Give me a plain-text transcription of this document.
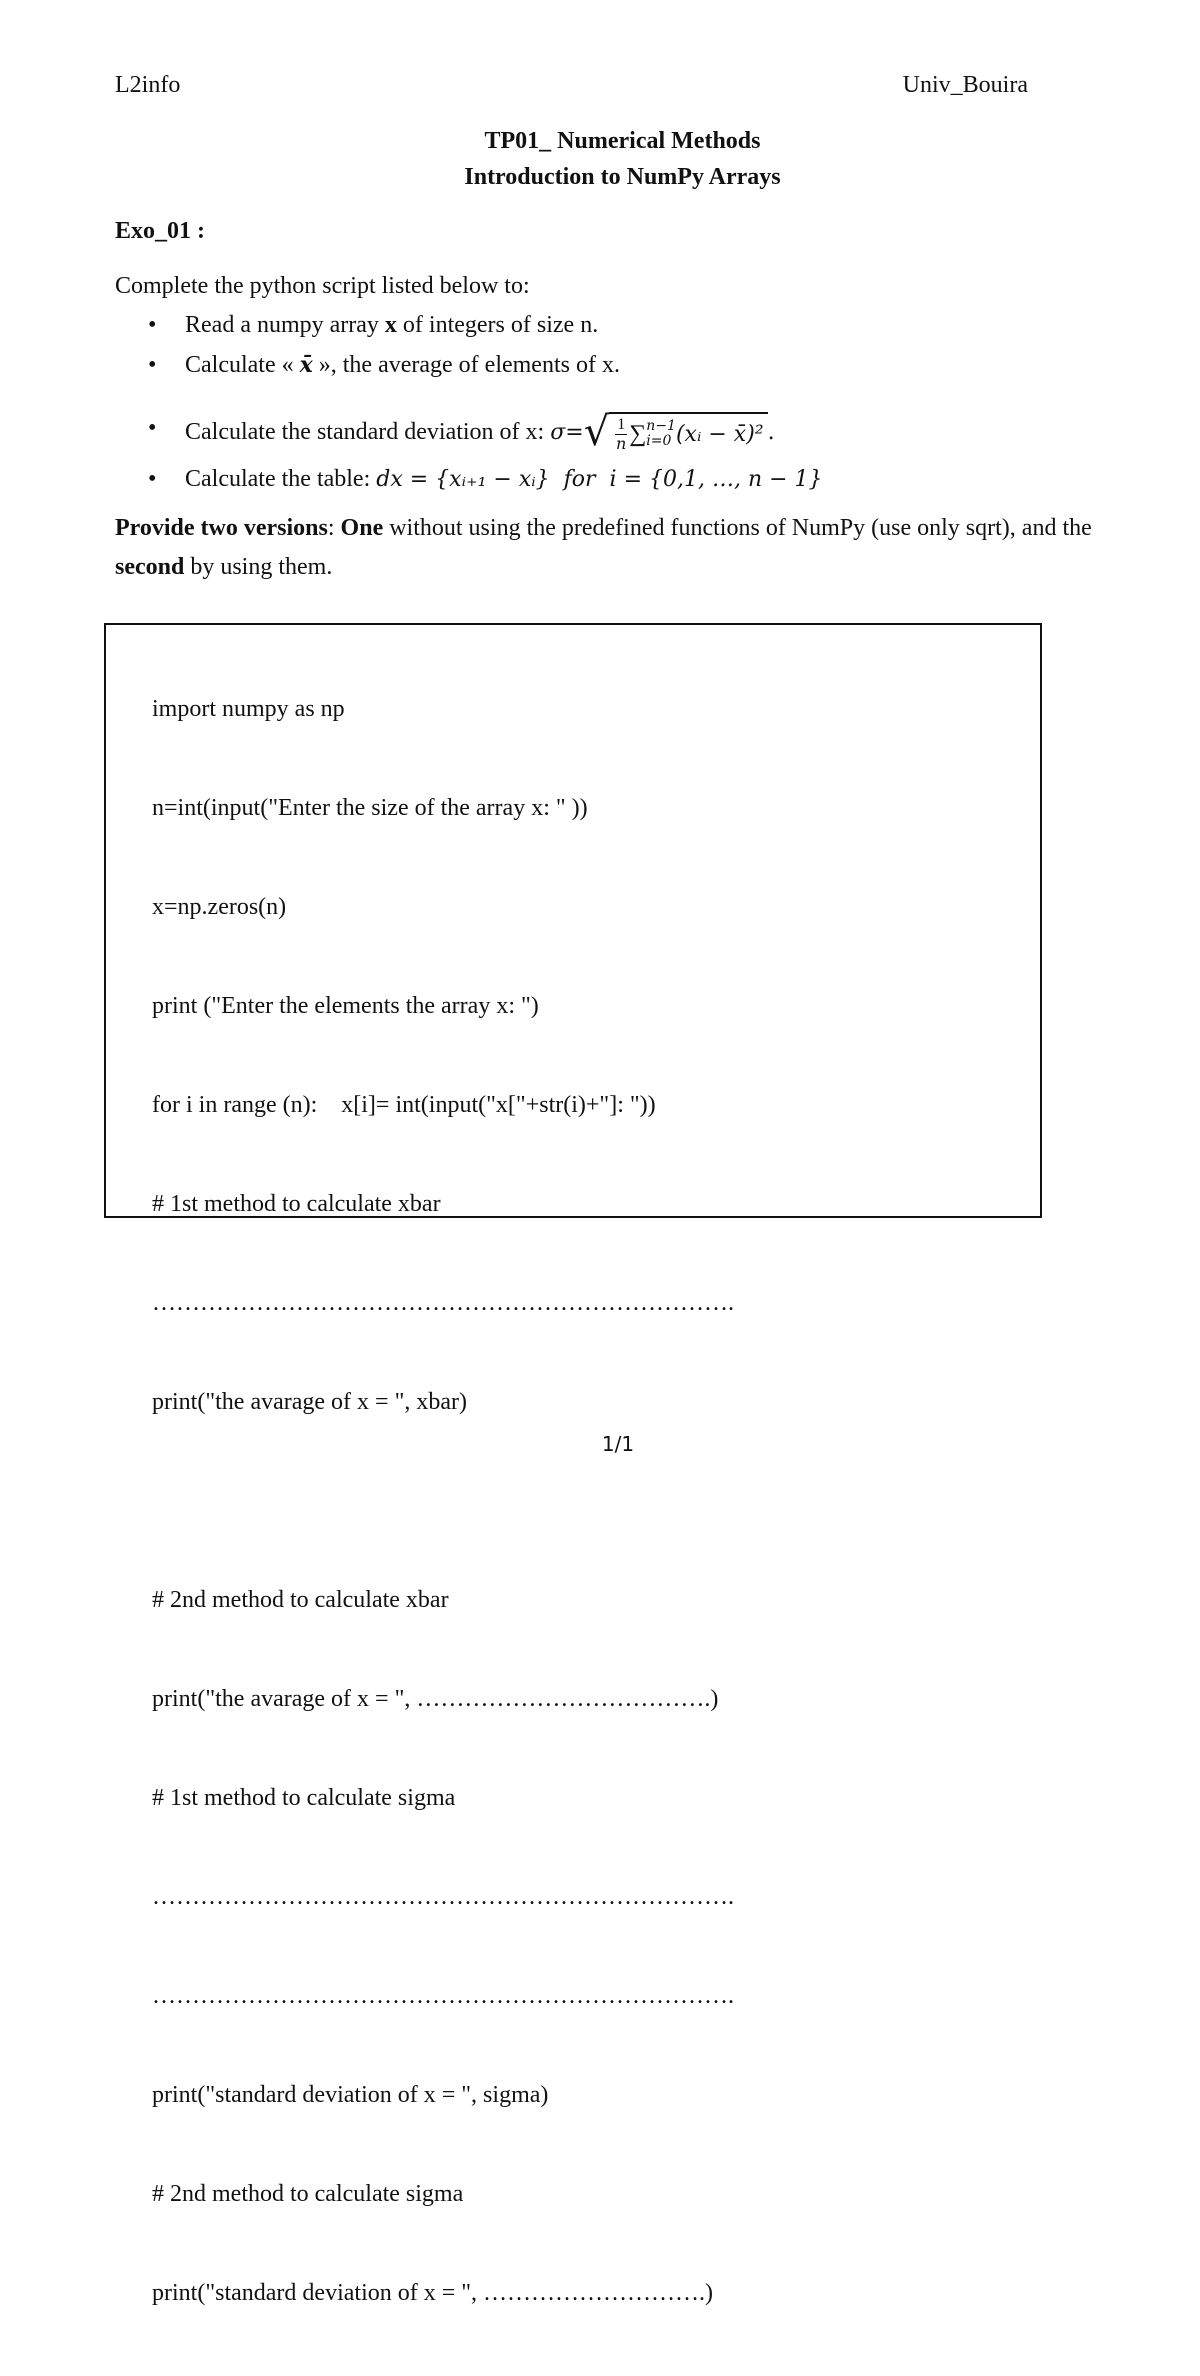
L2info	Univ_Bouira
TP01_ Numerical Methods
Introduction to NumPy Arrays
Exo_01 :
Complete the python script listed below to:
• Read a numpy array x of integers of size n.
• Calculate « x̄ », the average of elements of x.
• Calculate the standard deviation of x:
σ = √ $\frac{1}{n}$ ∑ n−1
i=0 (xᵢ − x̄)² .
• Calculate the table: dx = {xᵢ₊₁ − xᵢ}  for  i = {0,1, …, n − 1}
Provide two versions: One without using the predefined functions of NumPy (use only sqrt), and the second by using them.

import numpy as np

n=int(input("Enter the size of the array x: " ))

x=np.zeros(n)

print ("Enter the elements the array x: ")

for i in range (n):    x[i]= int(input("x["+str(i)+"]: "))

# 1st method to calculate xbar

……………………………………………………………….

print("the avarage of x = ", xbar)

# 2nd method to calculate xbar

print("the avarage of x = ", ……………………………….)

# 1st method to calculate sigma

……………………………………………………………….

……………………………………………………………….

print("standard deviation of x = ", sigma)

# 2nd method to calculate sigma

print("standard deviation of x = ", ……………………….)

1/1
